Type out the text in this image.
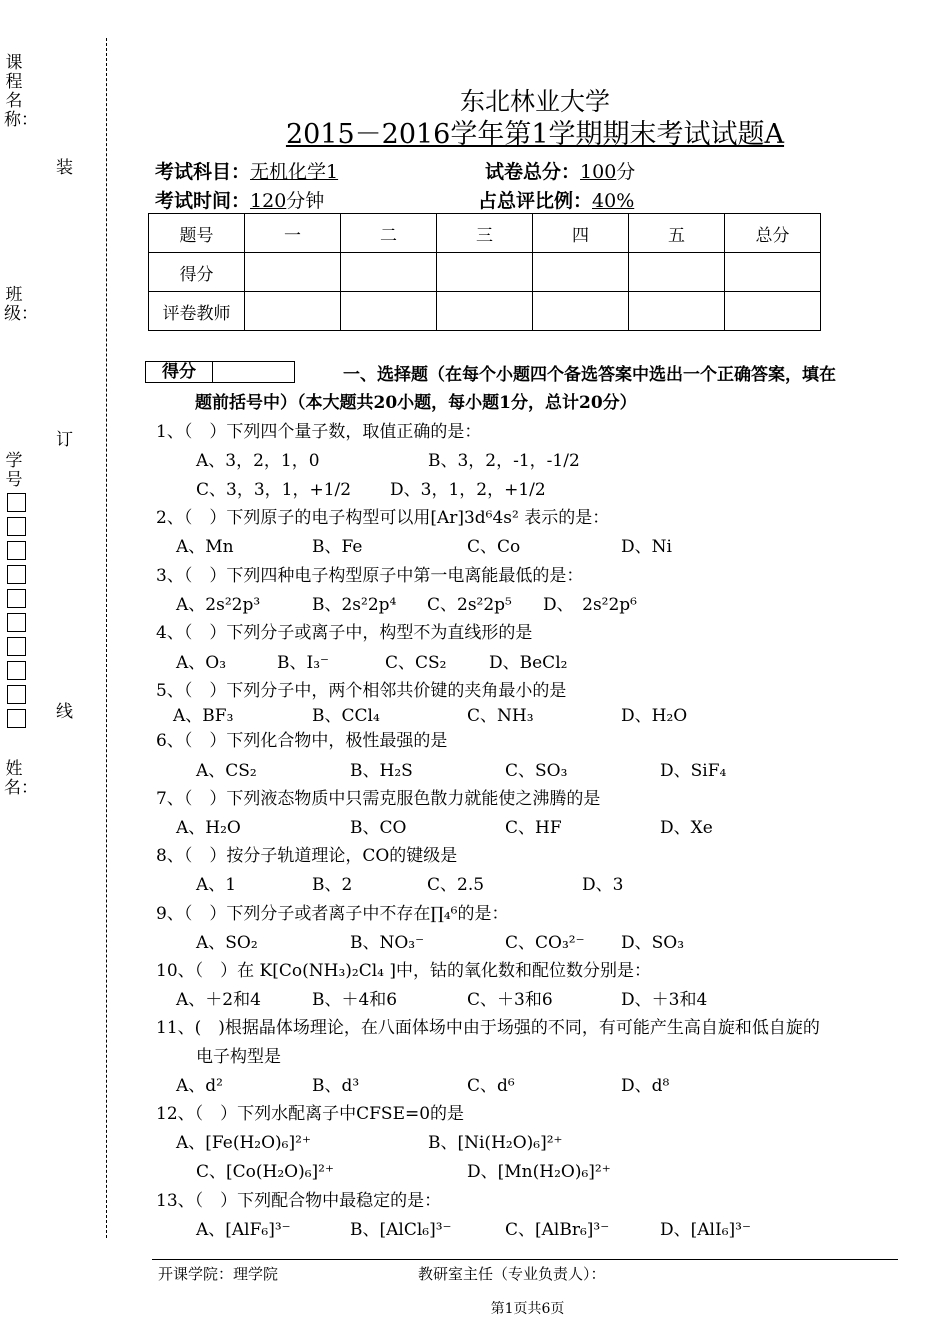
课程名称：
班级：
学号
姓名：
装
订
线
东北林业大学
2015－2016学年第1学期期末考试试题A
考试科目：无机化学1	试卷总分：100分
考试时间：120分钟	占总评比例：40%
题号	一	二	三	四	五	总分
得分						
评卷教师						
得分	一、选择题（在每个小题四个备选答案中选出一个正确答案，填在
题前括号中）（本大题共20小题，每小题1分，总计20分）
1、（　）下列四个量子数，取值正确的是：
A、3，2，1，0	B、3，2，-1，-1/2
C、3，3，1，+1/2 D、3，1，2，+1/2
2、（　）下列原子的电子构型可以用[Ar]3d⁶4s² 表示的是：
A、Mn	B、Fe	C、Co	D、Ni
3、（　）下列四种电子构型原子中第一电离能最低的是：
A、2s²2p³	B、2s²2p⁴ C、2s²2p⁵ D、　2s²2p⁶
4、（　）下列分子或离子中，构型不为直线形的是
A、O₃	B、I₃⁻	C、CS₂	D、BeCl₂
5、（　）下列分子中，两个相邻共价键的夹角最小的是
A、BF₃	B、CCl₄	C、NH₃	D、H₂O
6、（　）下列化合物中，极性最强的是
A、CS₂	B、H₂S	C、SO₃	D、SiF₄
7、（　）下列液态物质中只需克服色散力就能使之沸腾的是
A、H₂O	B、CO	C、HF	D、Xe
8、（　）按分子轨道理论，CO的键级是
A、1	B、2	C、2.5	D、3
9、（　）下列分子或者离子中不存在∏₄⁶的是：
A、SO₂	B、NO₃⁻	C、CO₃²⁻ D、SO₃
10、（　）在 K[Co(NH₃)₂Cl₄ ]中，钴的氧化数和配位数分别是：
A、＋2和4	B、＋4和6	C、＋3和6	D、＋3和4
11、(　)根据晶体场理论，在八面体场中由于场强的不同，有可能产生高自旋和低自旋的
电子构型是
A、d²	B、d³	C、d⁶	D、d⁸
12、（　）下列水配离子中CFSE=0的是
A、[Fe(H₂O)₆]²⁺	B、[Ni(H₂O)₆]²⁺
C、[Co(H₂O)₆]²⁺	D、[Mn(H₂O)₆]²⁺
13、（　）下列配合物中最稳定的是：
A、[AlF₆]³⁻	B、[AlCl₆]³⁻	C、[AlBr₆]³⁻	D、[AlI₆]³⁻
开课学院：理学院	教研室主任（专业负责人）：
第1页共6页
